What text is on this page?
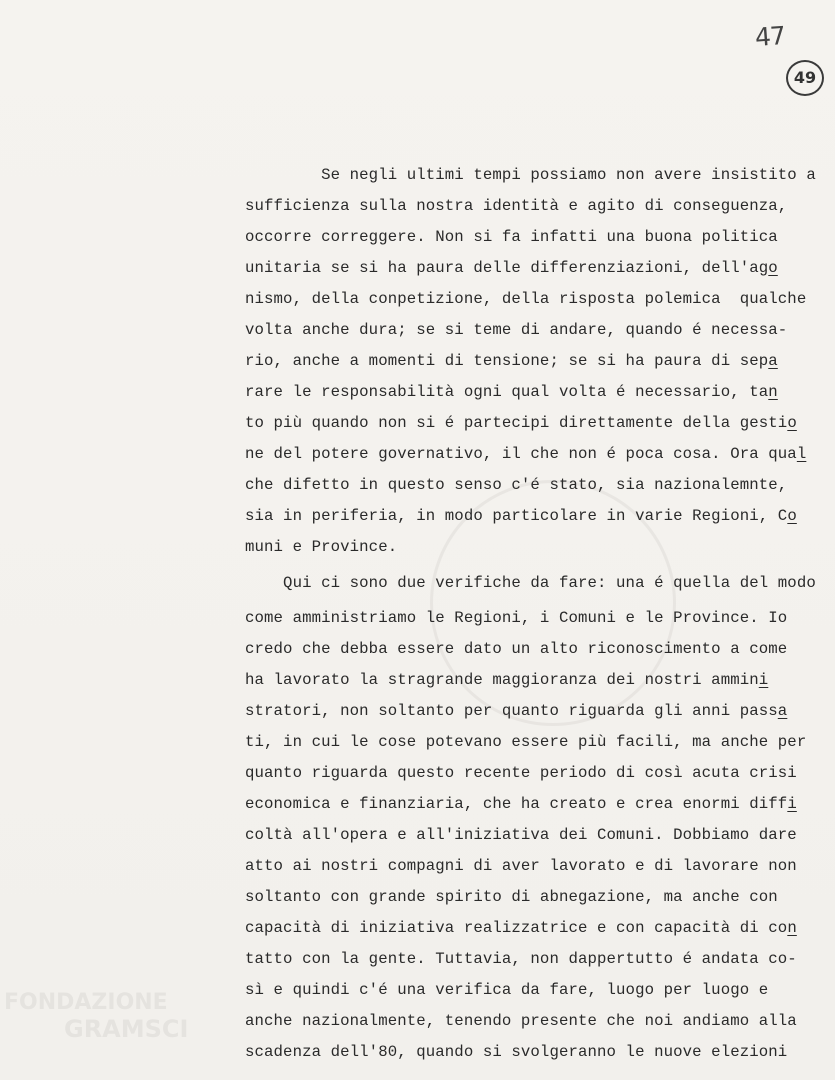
47
49
Se negli ultimi tempi possiamo non avere insistito a
sufficienza sulla nostra identità e agito di conseguenza,
occorre correggere. Non si fa infatti una buona politica
unitaria se si ha paura delle differenziazioni, dell'ago
nismo, della conpetizione, della risposta polemica  qualche
volta anche dura; se si teme di andare, quando é necessa-
rio, anche a momenti di tensione; se si ha paura di sepa
rare le responsabilità ogni qual volta é necessario, tan
to più quando non si é partecipi direttamente della gestio
ne del potere governativo, il che non é poca cosa. Ora qual
che difetto in questo senso c'é stato, sia nazionalemnte,
sia in periferia, in modo particolare in varie Regioni, Co
muni e Province.
Qui ci sono due verifiche da fare: una é quella del modo
come amministriamo le Regioni, i Comuni e le Province. Io
credo che debba essere dato un alto riconoscimento a come
ha lavorato la stragrande maggioranza dei nostri ammini
stratori, non soltanto per quanto riguarda gli anni passa
ti, in cui le cose potevano essere più facili, ma anche per
quanto riguarda questo recente periodo di così acuta crisi
economica e finanziaria, che ha creato e crea enormi diffi
coltà all'opera e all'iniziativa dei Comuni. Dobbiamo dare
atto ai nostri compagni di aver lavorato e di lavorare non
soltanto con grande spirito di abnegazione, ma anche con
capacità di iniziativa realizzatrice e con capacità di con
tatto con la gente. Tuttavia, non dappertutto é andata co-
sì e quindi c'é una verifica da fare, luogo per luogo e
anche nazionalmente, tenendo presente che noi andiamo alla
scadenza dell'80, quando si svolgeranno le nuove elezioni
FONDAZIONE
GRAMSCI
